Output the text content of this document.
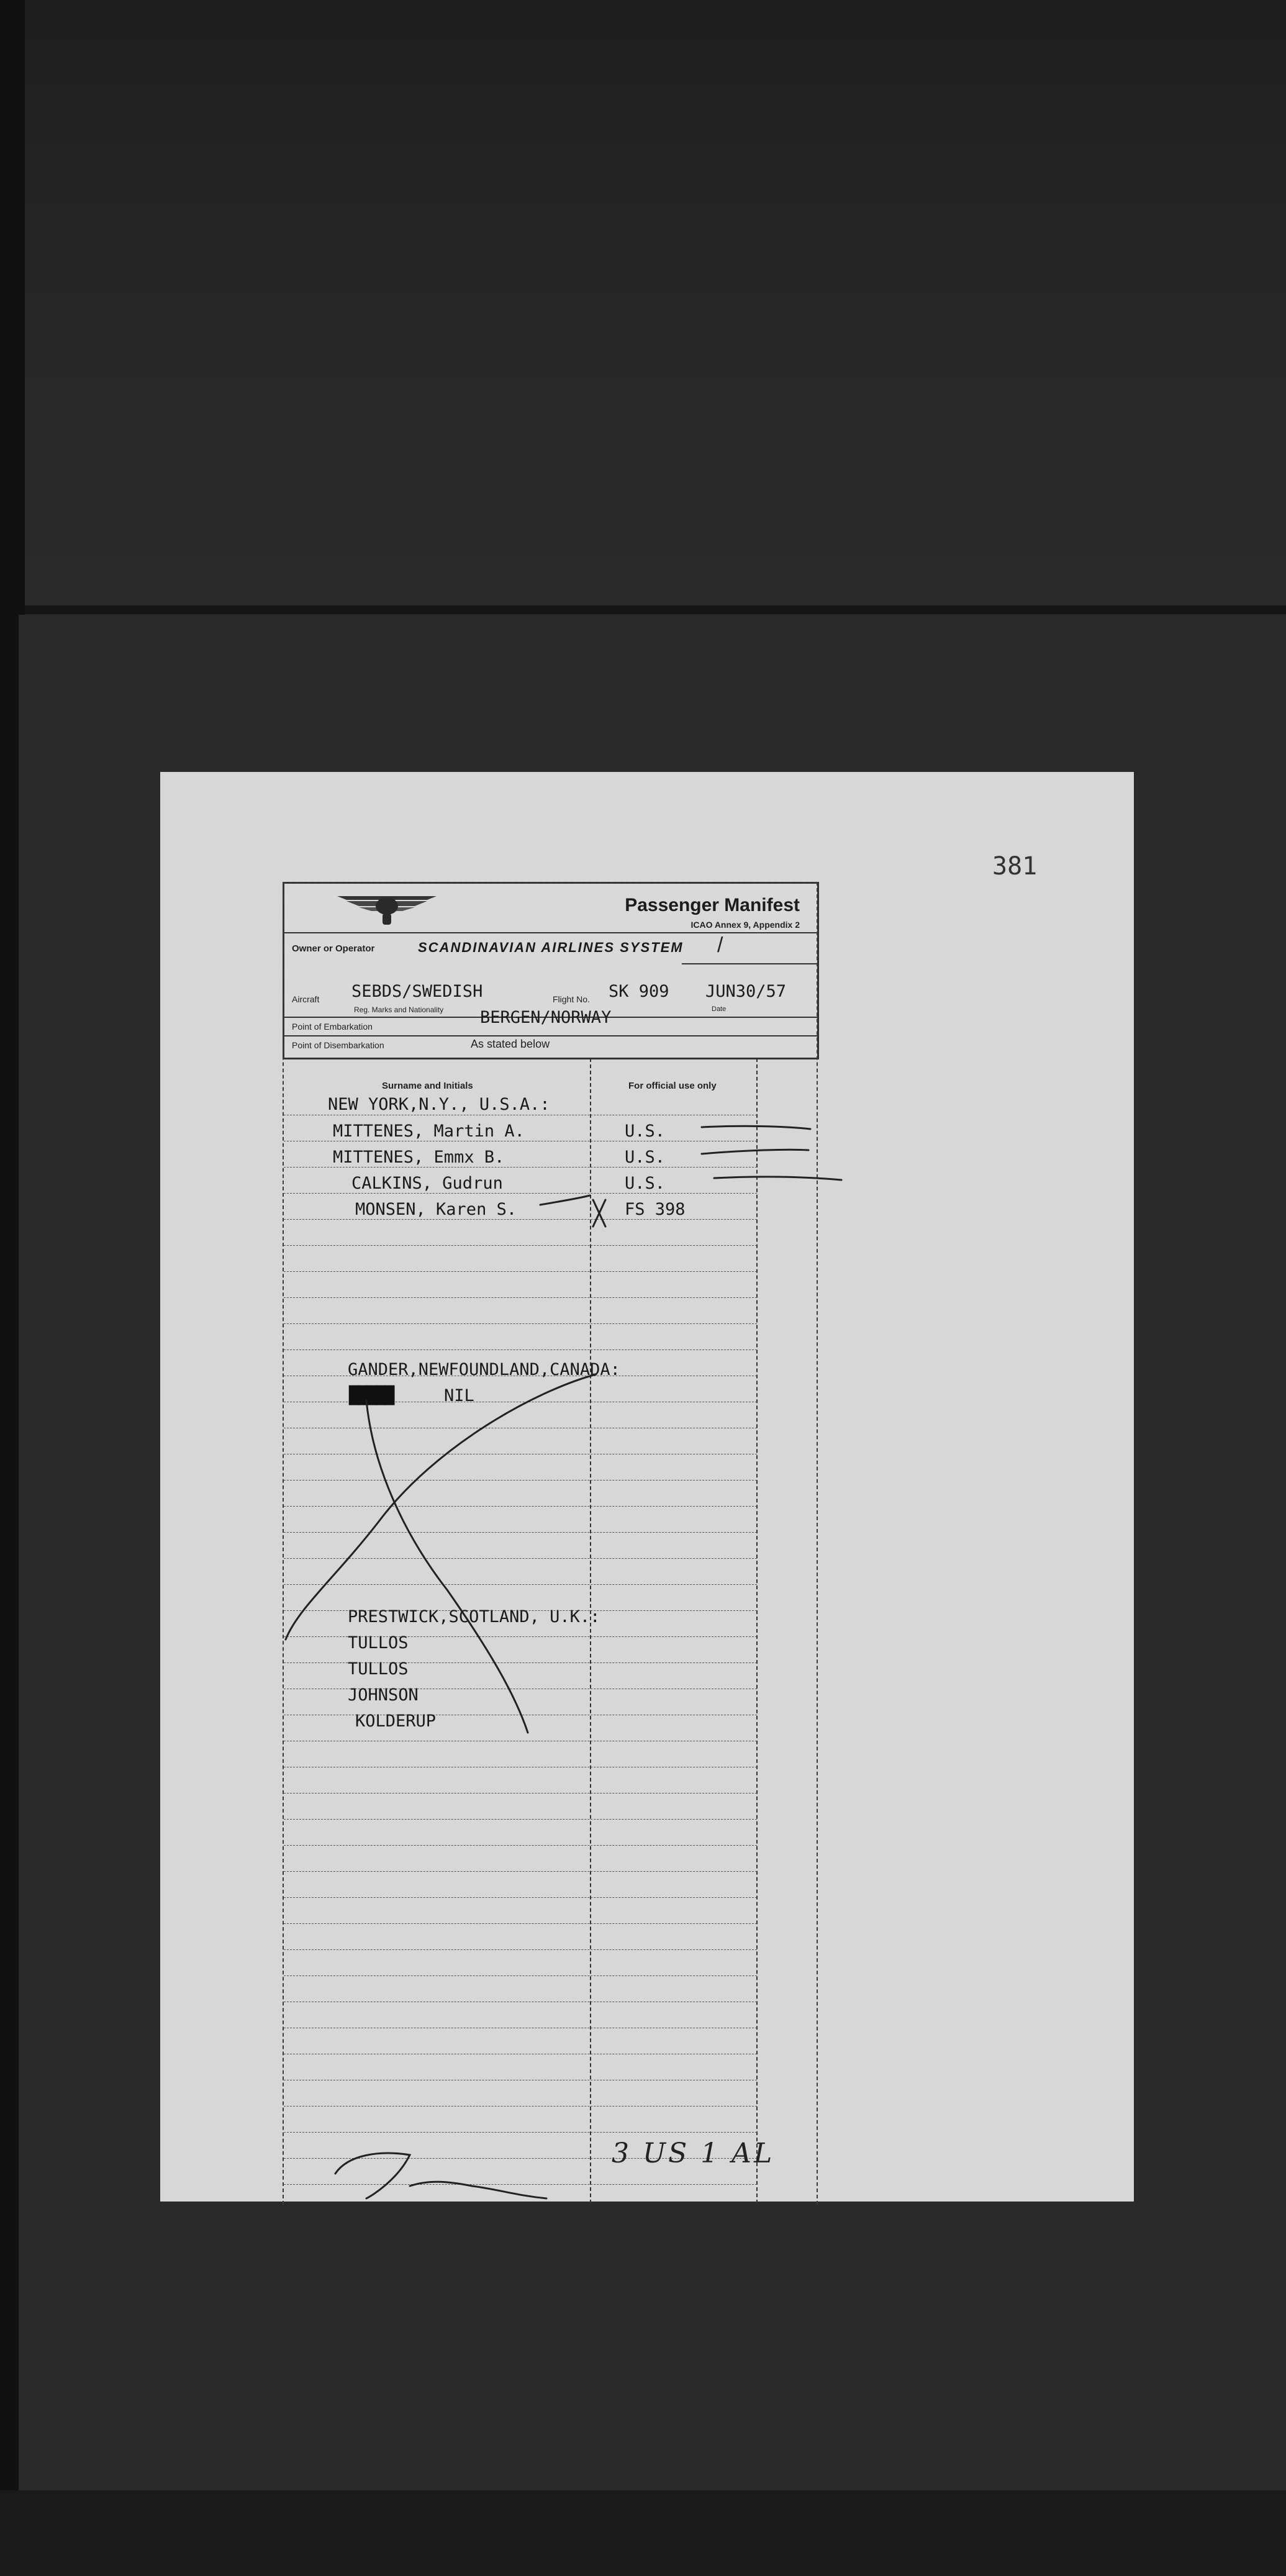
381
Passenger Manifest
ICAO Annex 9, Appendix 2
Owner or Operator	SCANDINAVIAN AIRLINES SYSTEM /
Aircraft
Reg. Marks and Nationality
SEBDS/SWEDISH	Flight No. SK 909 JUN30/57
Date
Point of Embarkation	BERGEN/NORWAY
Point of Disembarkation	As stated below
Surname and Initials	For official use only
NEW YORK,N.Y., U.S.A.:
MITTENES, Martin A.	U.S.
MITTENES, Emmx B.	U.S.
CALKINS, Gudrun	U.S.
MONSEN, Karen S.	FS 398
GANDER,NEWFOUNDLAND,CANADA:
█████	NIL
PRESTWICK,SCOTLAND, U.K.:
TULLOS
TULLOS
JOHNSON
KOLDERUP
3 US 1 AL
